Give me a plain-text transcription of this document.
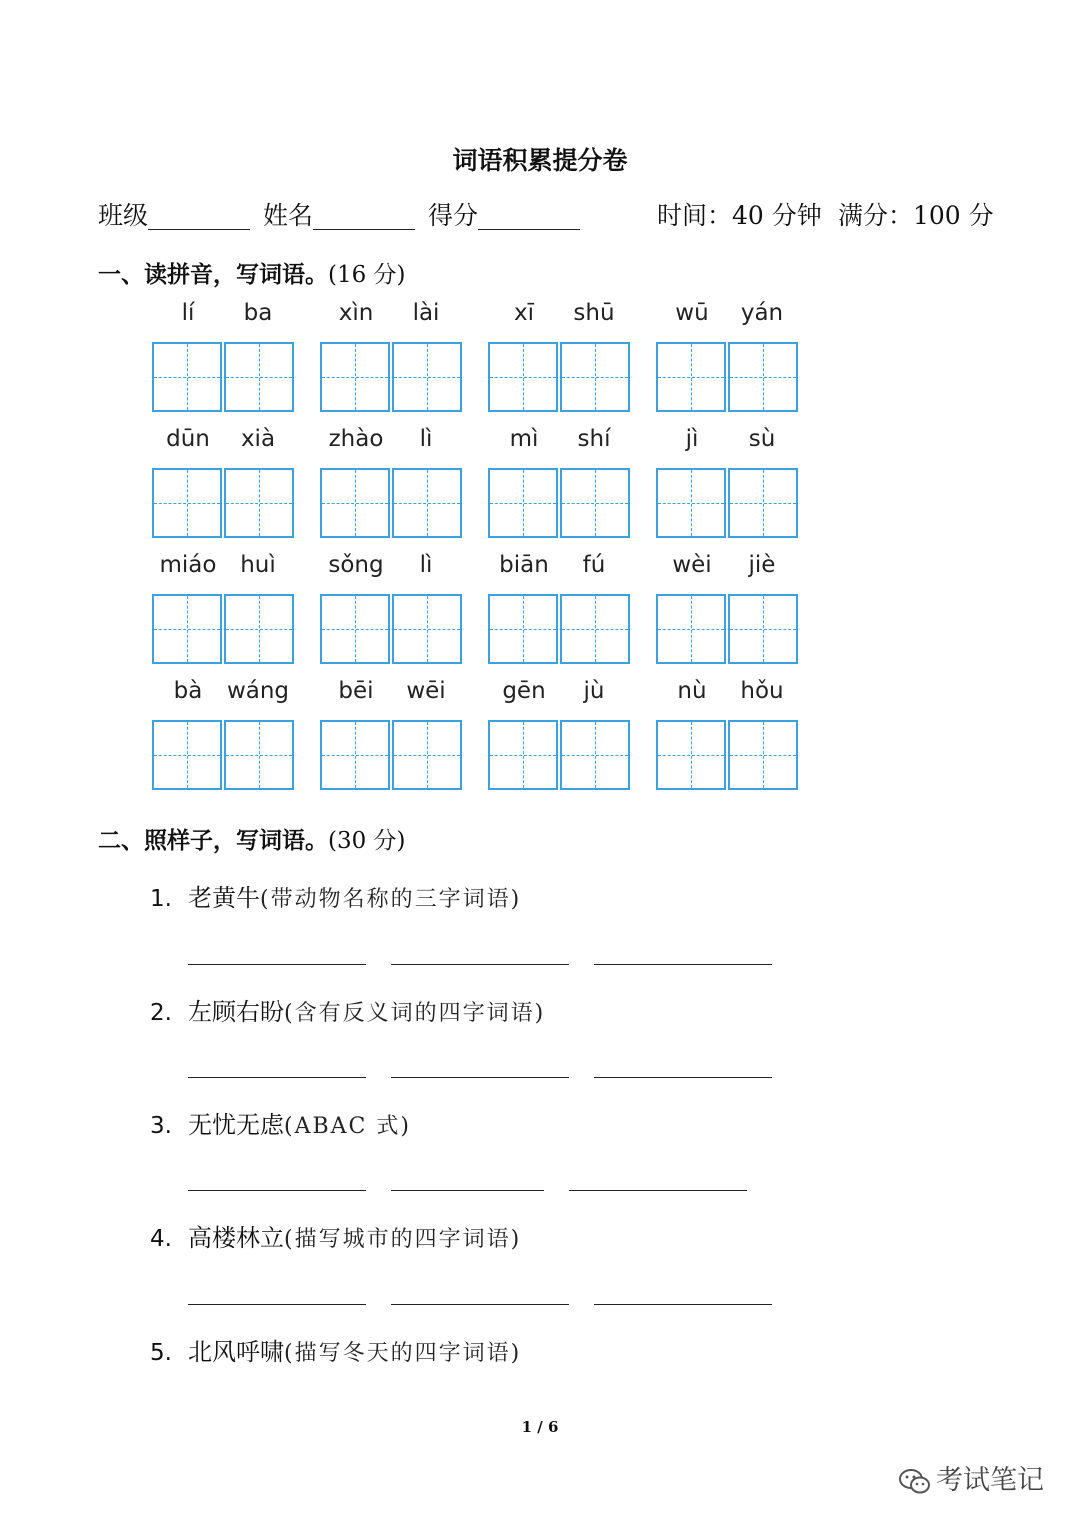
词语积累提分卷
班级	姓名	得分	时间：40 分钟 满分：100 分
一、读拼音，写词语。(16 分)
lí	ba	xìn	lài	xī	shū	wū	yán
dūn	xià	zhào	lì	mì	shí	jì	sù
miáo	huì	sǒng	lì	biān	fú	wèi	jiè
bà	wáng	bēi	wēi	gēn	jù	nù	hǒu
二、照样子，写词语。(30 分)
1. 老黄牛(带动物名称的三字词语)
2. 左顾右盼(含有反义词的四字词语)
3. 无忧无虑(ABAC 式)
4. 高楼林立(描写城市的四字词语)
5. 北风呼啸(描写冬天的四字词语)
1 / 6
考试笔记
